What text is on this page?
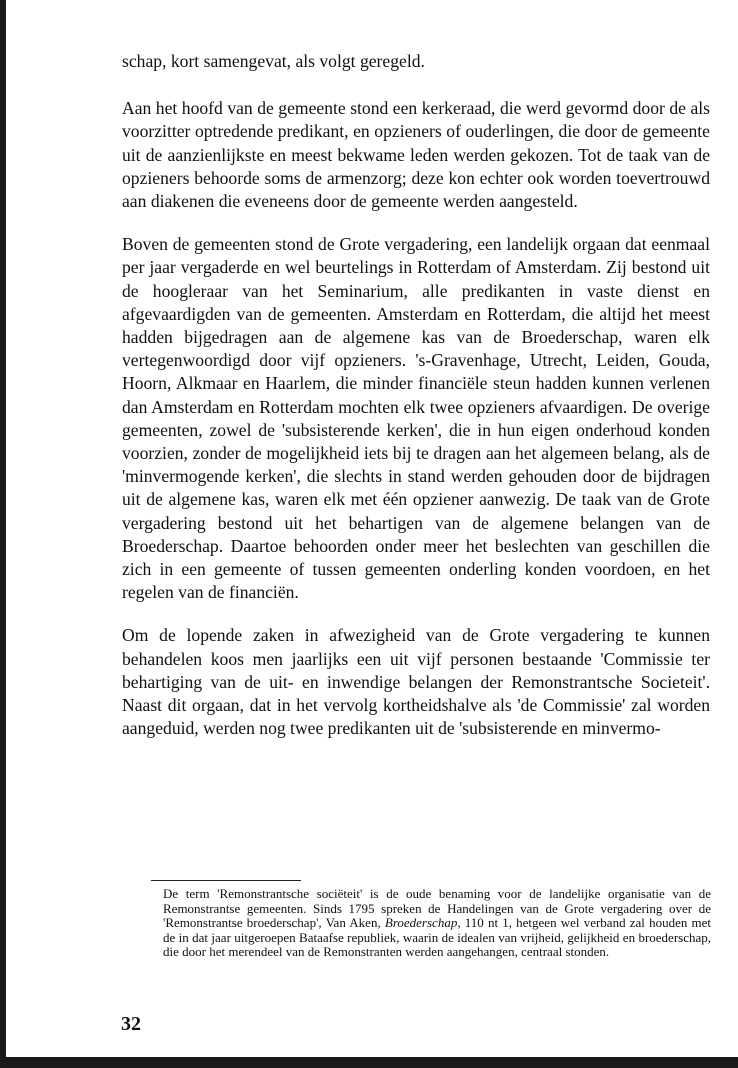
schap, kort samengevat, als volgt geregeld.

Aan het hoofd van de gemeente stond een kerkeraad, die werd gevormd door de als voorzitter optredende predikant, en opzieners of ouderlingen, die door de gemeente uit de aanzienlijkste en meest bekwame leden werden gekozen. Tot de taak van de opzieners behoorde soms de armenzorg; deze kon echter ook worden toevertrouwd aan diakenen die eveneens door de gemeente werden aangesteld.

Boven de gemeenten stond de Grote vergadering, een landelijk orgaan dat eenmaal per jaar vergaderde en wel beurtelings in Rotterdam of Amsterdam. Zij bestond uit de hoogleraar van het Seminarium, alle predikanten in vaste dienst en afgevaardigden van de gemeenten. Amsterdam en Rotterdam, die altijd het meest hadden bijgedragen aan de algemene kas van de Broederschap, waren elk vertegenwoordigd door vijf opzieners. 's-Gravenhage, Utrecht, Leiden, Gouda, Hoorn, Alkmaar en Haarlem, die minder financiële steun hadden kunnen verlenen dan Amsterdam en Rotterdam mochten elk twee opzieners afvaardigen. De overige gemeenten, zowel de 'subsisterende kerken', die in hun eigen onderhoud konden voorzien, zonder de mogelijkheid iets bij te dragen aan het algemeen belang, als de 'minvermogende kerken', die slechts in stand werden gehouden door de bijdragen uit de algemene kas, waren elk met één opziener aanwezig. De taak van de Grote vergadering bestond uit het behartigen van de algemene belangen van de Broederschap. Daartoe behoorden onder meer het beslechten van geschillen die zich in een gemeente of tussen gemeenten onderling konden voordoen, en het regelen van de financiën.

Om de lopende zaken in afwezigheid van de Grote vergadering te kunnen behandelen koos men jaarlijks een uit vijf personen bestaande 'Commissie ter behartiging van de uit- en inwendige belangen der Remonstrantsche Societeit'. Naast dit orgaan, dat in het vervolg kortheidshalve als 'de Commissie' zal worden aangeduid, werden nog twee predikanten uit de 'subsisterende en minvermo-

De term 'Remonstrantsche sociëteit' is de oude benaming voor de landelijke organisatie van de Remonstrantse gemeenten. Sinds 1795 spreken de Handelingen van de Grote vergadering over de 'Remonstrantse broederschap', Van Aken, Broederschap, 110 nt 1, hetgeen wel verband zal houden met de in dat jaar uitgeroepen Bataafse republiek, waarin de idealen van vrijheid, gelijkheid en broederschap, die door het merendeel van de Remonstranten werden aangehangen, centraal stonden.
32
